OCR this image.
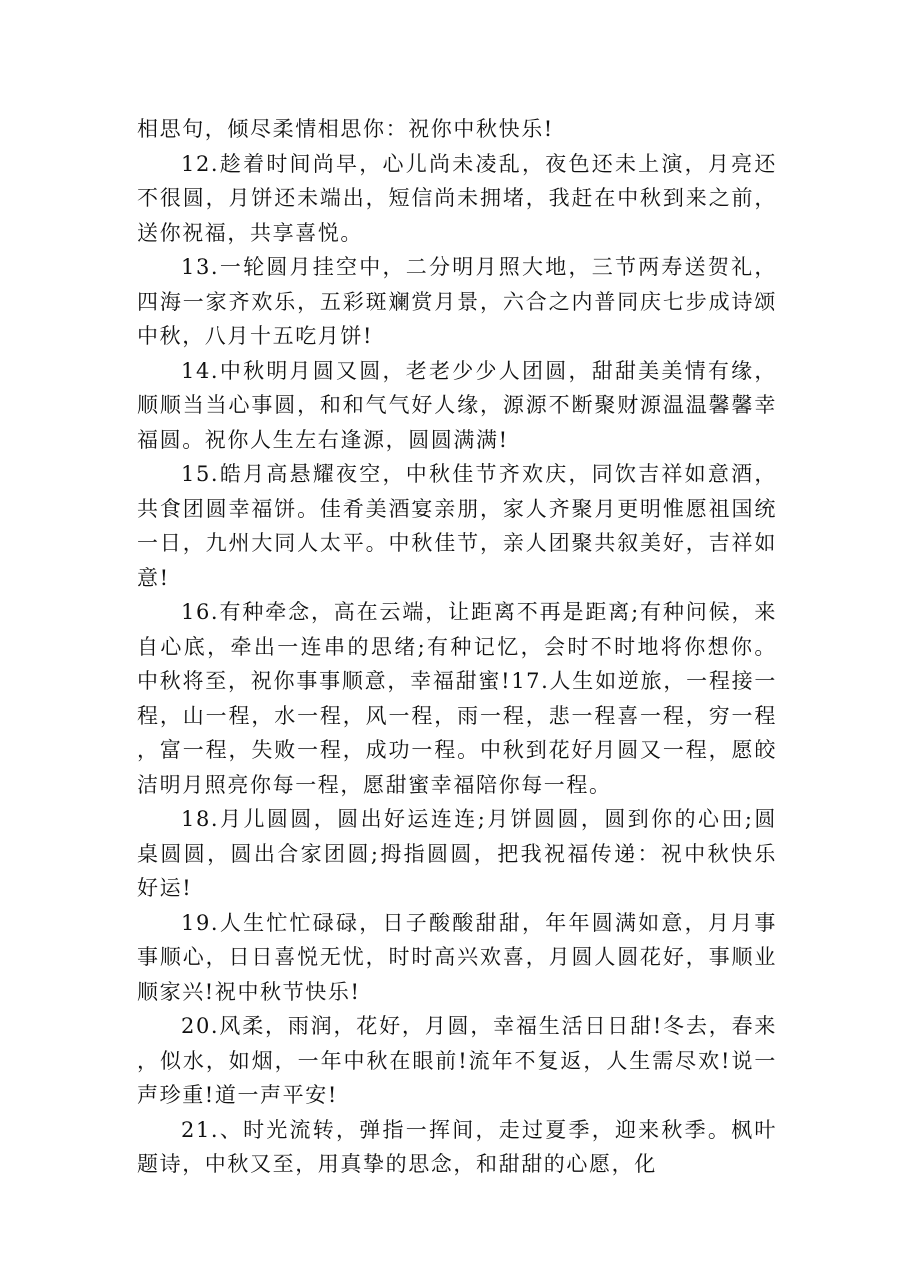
相思句，倾尽柔情相思你：祝你中秋快乐!

12.趁着时间尚早，心儿尚未凌乱，夜色还未上演，月亮还不很圆，月饼还未端出，短信尚未拥堵，我赶在中秋到来之前，送你祝福，共享喜悦。

13.一轮圆月挂空中，二分明月照大地，三节两寿送贺礼，四海一家齐欢乐，五彩斑斓赏月景，六合之内普同庆七步成诗颂中秋，八月十五吃月饼!

14.中秋明月圆又圆，老老少少人团圆，甜甜美美情有缘，顺顺当当心事圆，和和气气好人缘，源源不断聚财源温温馨馨幸福圆。祝你人生左右逢源，圆圆满满!

15.皓月高悬耀夜空，中秋佳节齐欢庆，同饮吉祥如意酒，共食团圆幸福饼。佳肴美酒宴亲朋，家人齐聚月更明惟愿祖国统一日，九州大同人太平。中秋佳节，亲人团聚共叙美好，吉祥如意!

16.有种牵念，高在云端，让距离不再是距离;有种问候，来自心底，牵出一连串的思绪;有种记忆，会时不时地将你想你。中秋将至，祝你事事顺意，幸福甜蜜!17.人生如逆旅，一程接一程，山一程，水一程，风一程，雨一程，悲一程喜一程，穷一程，富一程，失败一程，成功一程。中秋到花好月圆又一程，愿皎洁明月照亮你每一程，愿甜蜜幸福陪你每一程。

18.月儿圆圆，圆出好运连连;月饼圆圆，圆到你的心田;圆桌圆圆，圆出合家团圆;拇指圆圆，把我祝福传递：祝中秋快乐好运!

19.人生忙忙碌碌，日子酸酸甜甜，年年圆满如意，月月事事顺心，日日喜悦无忧，时时高兴欢喜，月圆人圆花好，事顺业顺家兴!祝中秋节快乐!

20.风柔，雨润，花好，月圆，幸福生活日日甜!冬去，春来，似水，如烟，一年中秋在眼前!流年不复返，人生需尽欢!说一声珍重!道一声平安!

21.、时光流转，弹指一挥间，走过夏季，迎来秋季。枫叶题诗，中秋又至，用真挚的思念，和甜甜的心愿，化
